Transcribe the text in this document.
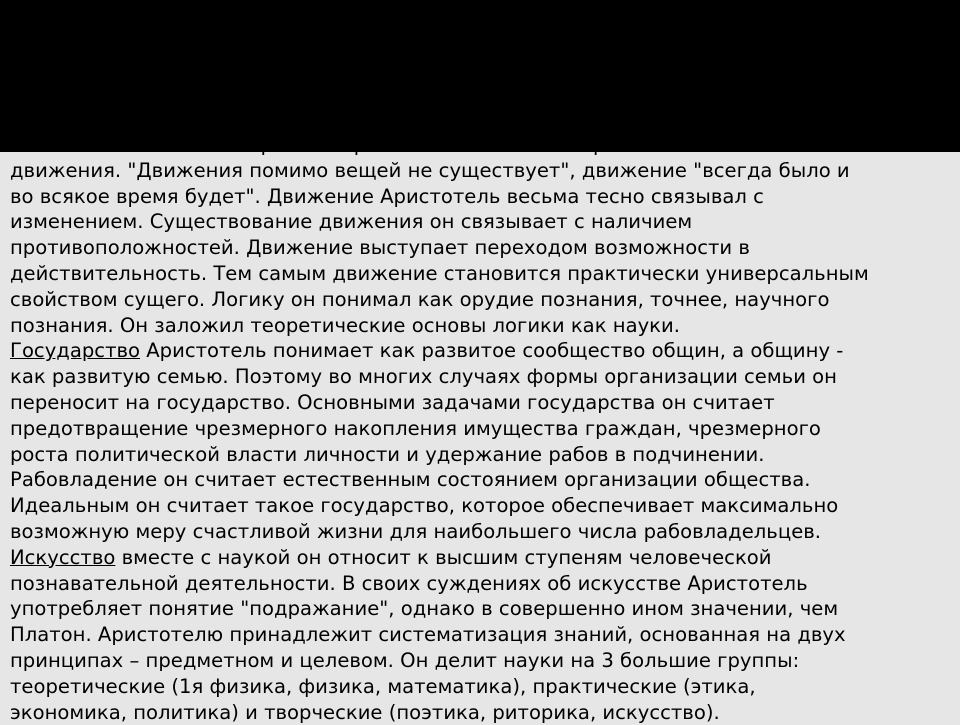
движения. "Движения помимо вещей не существует", движение "всегда было и
во всякое время будет". Движение Аристотель весьма тесно связывал с
изменением. Существование движения он связывает с наличием
противоположностей. Движение выступает переходом возможности в
действительность. Тем самым движение становится практически универсальным
свойством сущего. Логику он понимал как орудие познания, точнее, научного
познания. Он заложил теоретические основы логики как науки.
Государство Аристотель понимает как развитое сообщество общин, а общину -
как развитую семью. Поэтому во многих случаях формы организации семьи он
переносит на государство. Основными задачами государства он считает
предотвращение чрезмерного накопления имущества граждан, чрезмерного
роста политической власти личности и удержание рабов в подчинении.
Рабовладение он считает естественным состоянием организации общества.
Идеальным он считает такое государство, которое обеспечивает максимально
возможную меру счастливой жизни для наибольшего числа рабовладельцев.
Искусство вместе с наукой он относит к высшим ступеням человеческой
познавательной деятельности. В своих суждениях об искусстве Аристотель
употребляет понятие "подражание", однако в совершенно ином значении, чем
Платон. Аристотелю принадлежит систематизация знаний, основанная на двух
принципах – предметном и целевом. Он делит науки на 3 большие группы:
теоретические (1я физика, физика, математика), практические (этика,
экономика, политика) и творческие (поэтика, риторика, искусство).
